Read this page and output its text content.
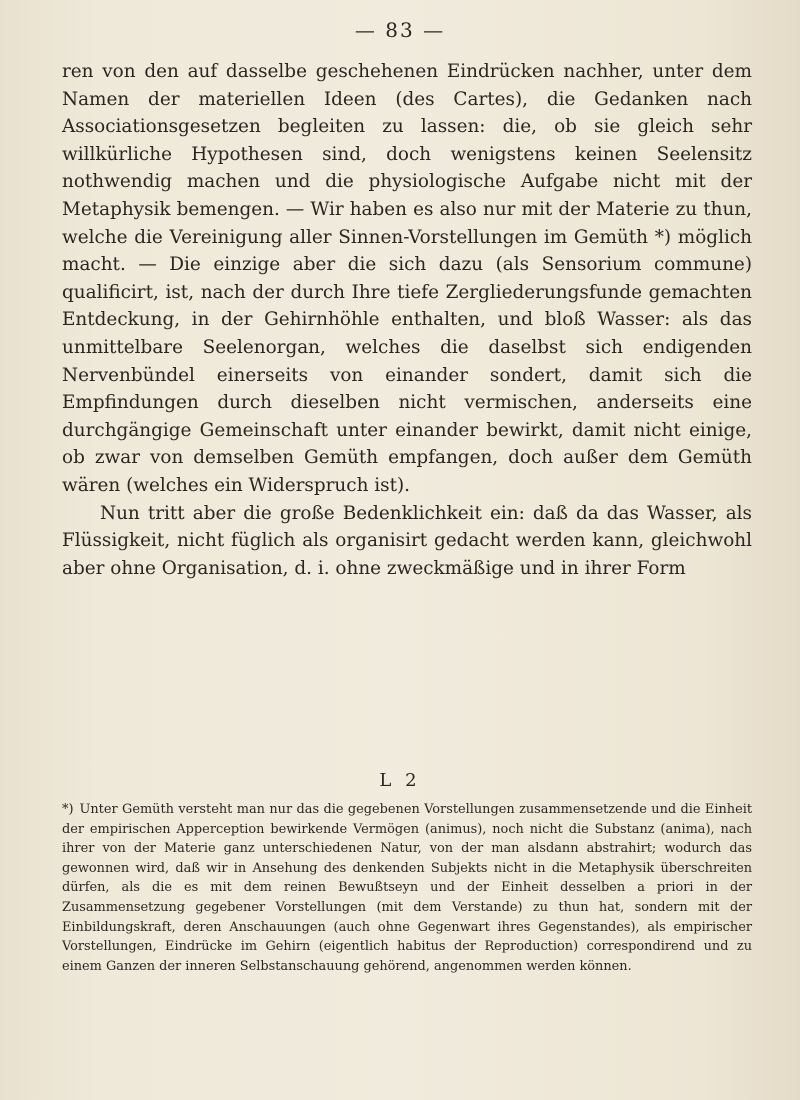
— 83 —

ren von den auf dasselbe geschehenen Eindrücken nachher, unter dem Namen der materiellen Ideen (des Cartes), die Gedanken nach Associationsgesetzen begleiten zu lassen: die, ob sie gleich sehr willkürliche Hypothesen sind, doch wenigstens keinen Seelensitz nothwendig machen und die physiologische Aufgabe nicht mit der Metaphysik bemengen. — Wir haben es also nur mit der Materie zu thun, welche die Vereinigung aller Sinnen-Vorstellungen im Gemüth *) möglich macht. — Die einzige aber die sich dazu (als Sensorium commune) qualificirt, ist, nach der durch Ihre tiefe Zergliederungsfunde gemachten Entdeckung, in der Gehirnhöhle enthalten, und bloß Wasser: als das unmittelbare Seelenorgan, welches die daselbst sich endigenden Nervenbündel einerseits von einander sondert, damit sich die Empfindungen durch dieselben nicht vermischen, anderseits eine durchgängige Gemeinschaft unter einander bewirkt, damit nicht einige, ob zwar von demselben Gemüth empfangen, doch außer dem Gemüth wären (welches ein Widerspruch ist).

Nun tritt aber die große Bedenklichkeit ein: daß da das Wasser, als Flüssigkeit, nicht füglich als organisirt gedacht werden kann, gleichwohl aber ohne Organisation, d. i. ohne zweckmäßige und in ihrer Form

L 2
*) Unter Gemüth versteht man nur das die gegebenen Vorstellungen zusammensetzende und die Einheit der empirischen Apperception bewirkende Vermögen (animus), noch nicht die Substanz (anima), nach ihrer von der Materie ganz unterschiedenen Natur, von der man alsdann abstrahirt; wodurch das gewonnen wird, daß wir in Ansehung des denkenden Subjekts nicht in die Metaphysik überschreiten dürfen, als die es mit dem reinen Bewußtseyn und der Einheit desselben a priori in der Zusammensetzung gegebener Vorstellungen (mit dem Verstande) zu thun hat, sondern mit der Einbildungskraft, deren Anschauungen (auch ohne Gegenwart ihres Gegenstandes), als empirischer Vorstellungen, Eindrücke im Gehirn (eigentlich habitus der Reproduction) correspondirend und zu einem Ganzen der inneren Selbstanschauung gehörend, angenommen werden können.
